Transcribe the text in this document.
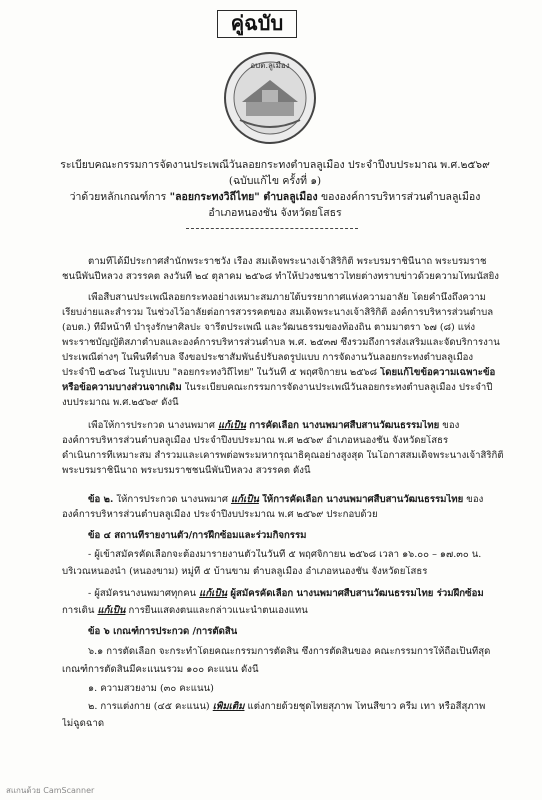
คู่ฉบับ
อบต.ลูเมือง
ระเบียบคณะกรรมการจัดงานประเพณีวันลอยกระทงตำบลลูเมือง ประจำปีงบประมาณ พ.ศ.๒๕๖๙
(ฉบับแก้ไข ครั้งที่ ๑)
ว่าด้วยหลักเกณฑ์การ "ลอยกระทงวิถีไทย" ตำบลลูเมือง ขององค์การบริหารส่วนตำบลลูเมือง
อำเภอหนองชัน จังหวัดยโสธร
ตามที่ได้มีประกาศสำนักพระราชวัง เรื่อง สมเด็จพระนางเจ้าสิริกิติ์ พระบรมราชินีนาถ พระบรมราช
ชนนีพันปีหลวง สวรรคต ลงวันที่ ๒๔ ตุลาคม ๒๕๖๘ ทำให้ปวงชนชาวไทยต่างทราบข่าวด้วยความโทมนัสยิ่ง
เพื่อสืบสานประเพณีลอยกระทงอย่างเหมาะสมภายใต้บรรยากาศแห่งความอาลัย โดยคำนึงถึงความ
เรียบง่ายและสำรวม ในช่วงไว้อาลัยต่อการสวรรคตของ สมเด็จพระนางเจ้าสิริกิติ์ องค์การบริหารส่วนตำบล
(อบต.) ที่มีหน้าที่ บำรุงรักษาศิลปะ จารีตประเพณี และวัฒนธรรมของท้องถิ่น ตามมาตรา ๖๗ (๘) แห่ง
พระราชบัญญัติสภาตำบลและองค์การบริหารส่วนตำบล พ.ศ. ๒๕๓๗ ซึ่งรวมถึงการส่งเสริมและจัดบริการงาน
ประเพณีต่างๆ ในพื้นที่ตำบล จึงขอประชาสัมพันธ์ปรับลดรูปแบบ การจัดงานวันลอยกระทงตำบลลูเมือง
ประจำปี ๒๕๖๘ ในรูปแบบ "ลอยกระทงวิถีไทย" ในวันที่ ๕ พฤศจิกายน ๒๕๖๘ โดยแก้ไขข้อความเฉพาะข้อ
หรือข้อความบางส่วนจากเดิม ในระเบียบคณะกรรมการจัดงานประเพณีวันลอยกระทงตำบลลูเมือง ประจำปี
งบประมาณ พ.ศ.๒๕๖๙ ดังนี้
เพื่อให้การประกวด นางนพมาศ แก้เป็น การคัดเลือก นางนพมาศสืบสานวัฒนธรรมไทย ของ
องค์การบริหารส่วนตำบลลูเมือง ประจำปีงบประมาณ พ.ศ ๒๕๖๙ อำเภอหนองชัน จังหวัดยโสธร
ดำเนินการที่เหมาะสม สำรวมและเคารพต่อพระมหากรุณาธิคุณอย่างสูงสุด ในโอกาสสมเด็จพระนางเจ้าสิริกิติ์
พระบรมราชินีนาถ พระบรมราชชนนีพันปีหลวง สวรรคต ดังนี้
ข้อ ๒. ให้การประกวด นางนพมาศ แก้เป็น ให้การคัดเลือก นางนพมาศสืบสานวัฒนธรรมไทย ของ
องค์การบริหารส่วนตำบลลูเมือง ประจำปีงบประมาณ พ.ศ ๒๕๖๙ ประกอบด้วย
ข้อ ๔ สถานที่รายงานตัว/การฝึกซ้อมและร่วมกิจกรรม
- ผู้เข้าสมัครคัดเลือกจะต้องมารายงานตัวในวันที่ ๕ พฤศจิกายน ๒๕๖๘ เวลา ๑๖.๐๐ – ๑๗.๓๐ น.
บริเวณหนองน้ำ (หนองขาม) หมู่ที่ ๕ บ้านขาม ตำบลลูเมือง อำเภอหนองชัน จังหวัดยโสธร
- ผู้สมัครนางนพมาศทุกคน แก้เป็น ผู้สมัครคัดเลือก นางนพมาศสืบสานวัฒนธรรมไทย ร่วมฝึกซ้อม
การเดิน แก้เป็น การยืนแสดงตนและกล่าวแนะนำตนเองแทน
ข้อ ๖ เกณฑ์การประกวด /การตัดสิน
๖.๑ การตัดเลือก จะกระทำโดยคณะกรรมการตัดสิน ซึ่งการตัดสินของ คณะกรรมการให้ถือเป็นที่สุด
เกณฑ์การตัดสินมีคะแนนรวม ๑๐๐ คะแนน ดังนี้
๑. ความสวยงาม (๓๐ คะแนน)
๒. การแต่งกาย (๔๕ คะแนน) เพิ่มเติม แต่งกายด้วยชุดไทยสุภาพ โทนสีขาว ครีม เทา หรือสีสุภาพ
ไม่ฉูดฉาด
สแกนด้วย CamScanner
